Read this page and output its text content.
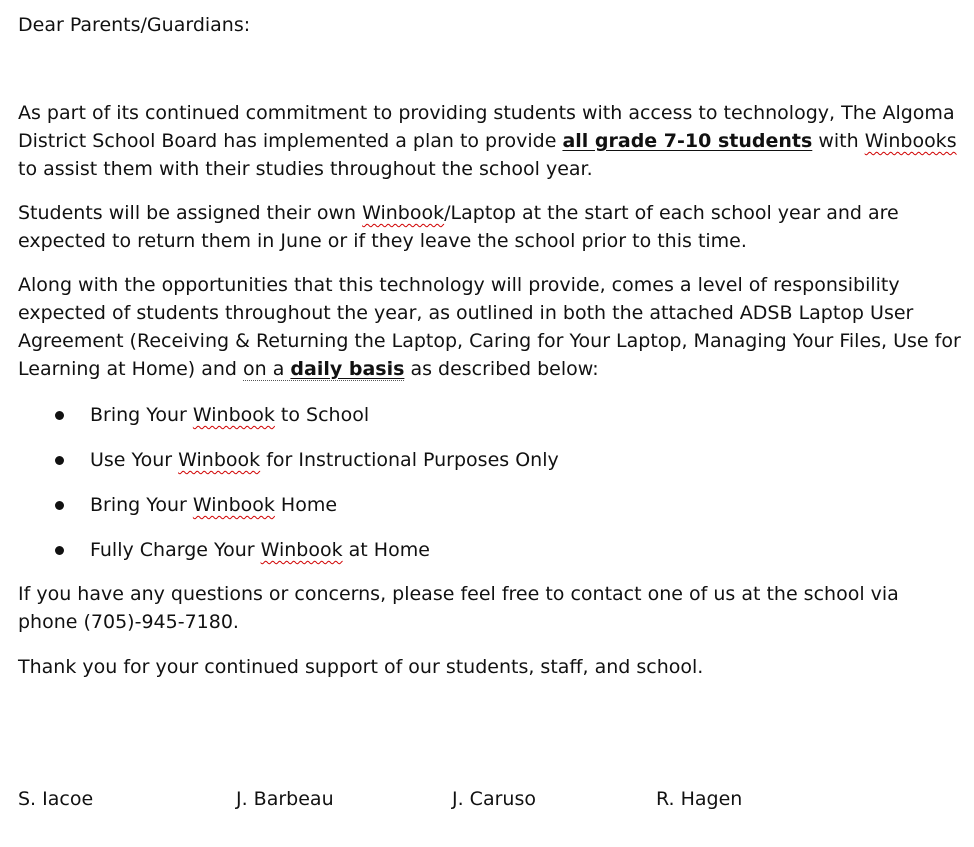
Dear Parents/Guardians:
As part of its continued commitment to providing students with access to technology, The Algoma District School Board has implemented a plan to provide all grade 7-10 students with Winbooks to assist them with their studies throughout the school year.
Students will be assigned their own Winbook/Laptop at the start of each school year and are expected to return them in June or if they leave the school prior to this time.
Along with the opportunities that this technology will provide, comes a level of responsibility expected of students throughout the year, as outlined in both the attached ADSB Laptop User Agreement (Receiving & Returning the Laptop, Caring for Your Laptop, Managing Your Files, Use for Learning at Home) and on a daily basis as described below:
Bring Your Winbook to School
Use Your Winbook for Instructional Purposes Only
Bring Your Winbook Home
Fully Charge Your Winbook at Home
If you have any questions or concerns, please feel free to contact one of us at the school via phone (705)-945-7180.
Thank you for your continued support of our students, staff, and school.
S. Iacoe	J. Barbeau	J. Caruso	R. Hagen
